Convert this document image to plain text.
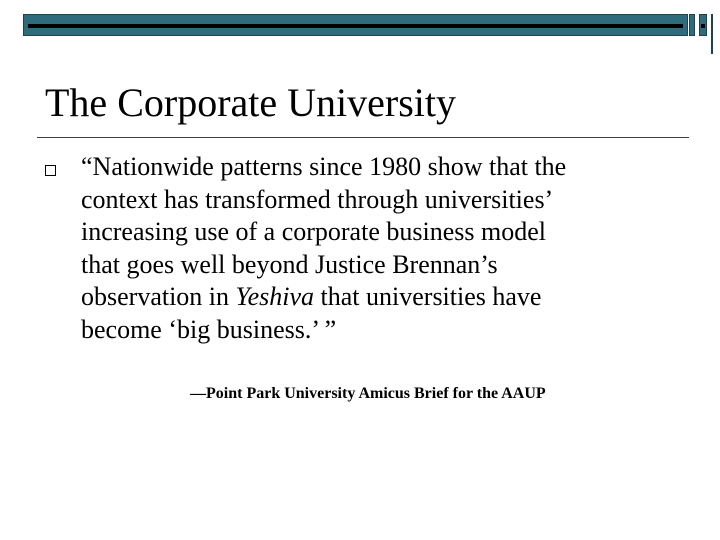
The Corporate University

“Nationwide patterns since 1980 show that the
context has transformed through universities’
increasing use of a corporate business model
that goes well beyond Justice Brennan’s
observation in Yeshiva that universities have
become ‘big business.’ ”

—Point Park University Amicus Brief for the AAUP
